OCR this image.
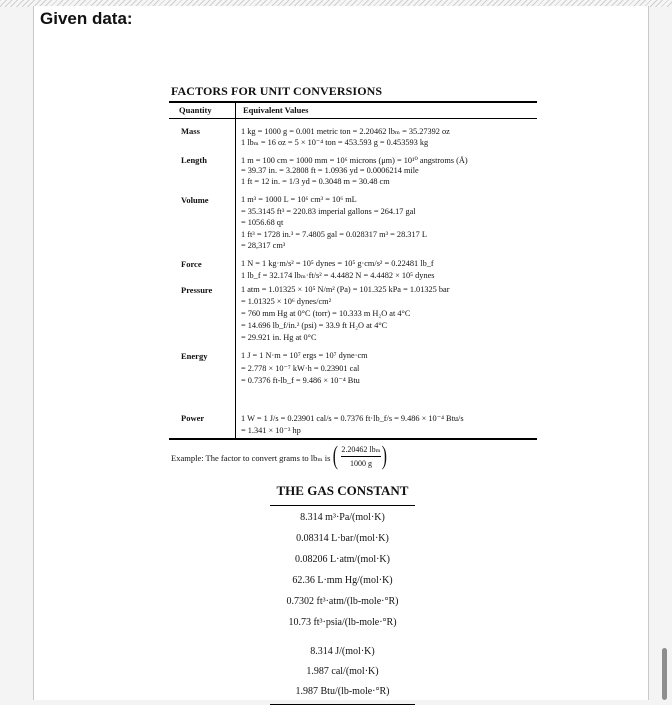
Given data:
FACTORS FOR UNIT CONVERSIONS
Quantity	Equivalent Values
Mass	1 kg = 1000 g = 0.001 metric ton = 2.20462 lbₘ = 35.27392 oz
1 lbₘ = 16 oz = 5 × 10⁻⁴ ton = 453.593 g = 0.453593 kg
Length	1 m = 100 cm = 1000 mm = 10⁶ microns (μm) = 10¹⁰ angstroms (Å)
= 39.37 in. = 3.2808 ft = 1.0936 yd = 0.0006214 mile
1 ft = 12 in. = 1/3 yd = 0.3048 m = 30.48 cm
Volume	1 m³ = 1000 L = 10⁶ cm³ = 10⁶ mL
= 35.3145 ft³ = 220.83 imperial gallons = 264.17 gal
= 1056.68 qt
1 ft³ = 1728 in.³ = 7.4805 gal = 0.028317 m³ = 28.317 L
= 28,317 cm³
Force	1 N = 1 kg·m/s² = 10⁵ dynes = 10⁵ g·cm/s² = 0.22481 lb_f
1 lb_f = 32.174 lbₘ·ft/s² = 4.4482 N = 4.4482 × 10⁵ dynes
Pressure	1 atm = 1.01325 × 10⁵ N/m² (Pa) = 101.325 kPa = 1.01325 bar
= 1.01325 × 10⁶ dynes/cm²
= 760 mm Hg at 0°C (torr) = 10.333 m H₂O at 4°C
= 14.696 lb_f/in.² (psi) = 33.9 ft H₂O at 4°C
= 29.921 in. Hg at 0°C
Energy	1 J = 1 N·m = 10⁷ ergs = 10⁷ dyne·cm
= 2.778 × 10⁻⁷ kW·h = 0.23901 cal
= 0.7376 ft-lb_f = 9.486 × 10⁻⁴ Btu
Power	1 W = 1 J/s = 0.23901 cal/s = 0.7376 ft·lb_f/s = 9.486 × 10⁻⁴ Btu/s
= 1.341 × 10⁻³ hp
Example: The factor to convert grams to lbₘ is ( 2.20462 lbₘ
1000 g )
THE GAS CONSTANT
8.314 m³·Pa/(mol·K)
0.08314 L·bar/(mol·K)
0.08206 L·atm/(mol·K)
62.36 L·mm Hg/(mol·K)
0.7302 ft³·atm/(lb-mole·°R)
10.73 ft³·psia/(lb-mole·°R)
8.314 J/(mol·K)
1.987 cal/(mol·K)
1.987 Btu/(lb-mole·°R)
